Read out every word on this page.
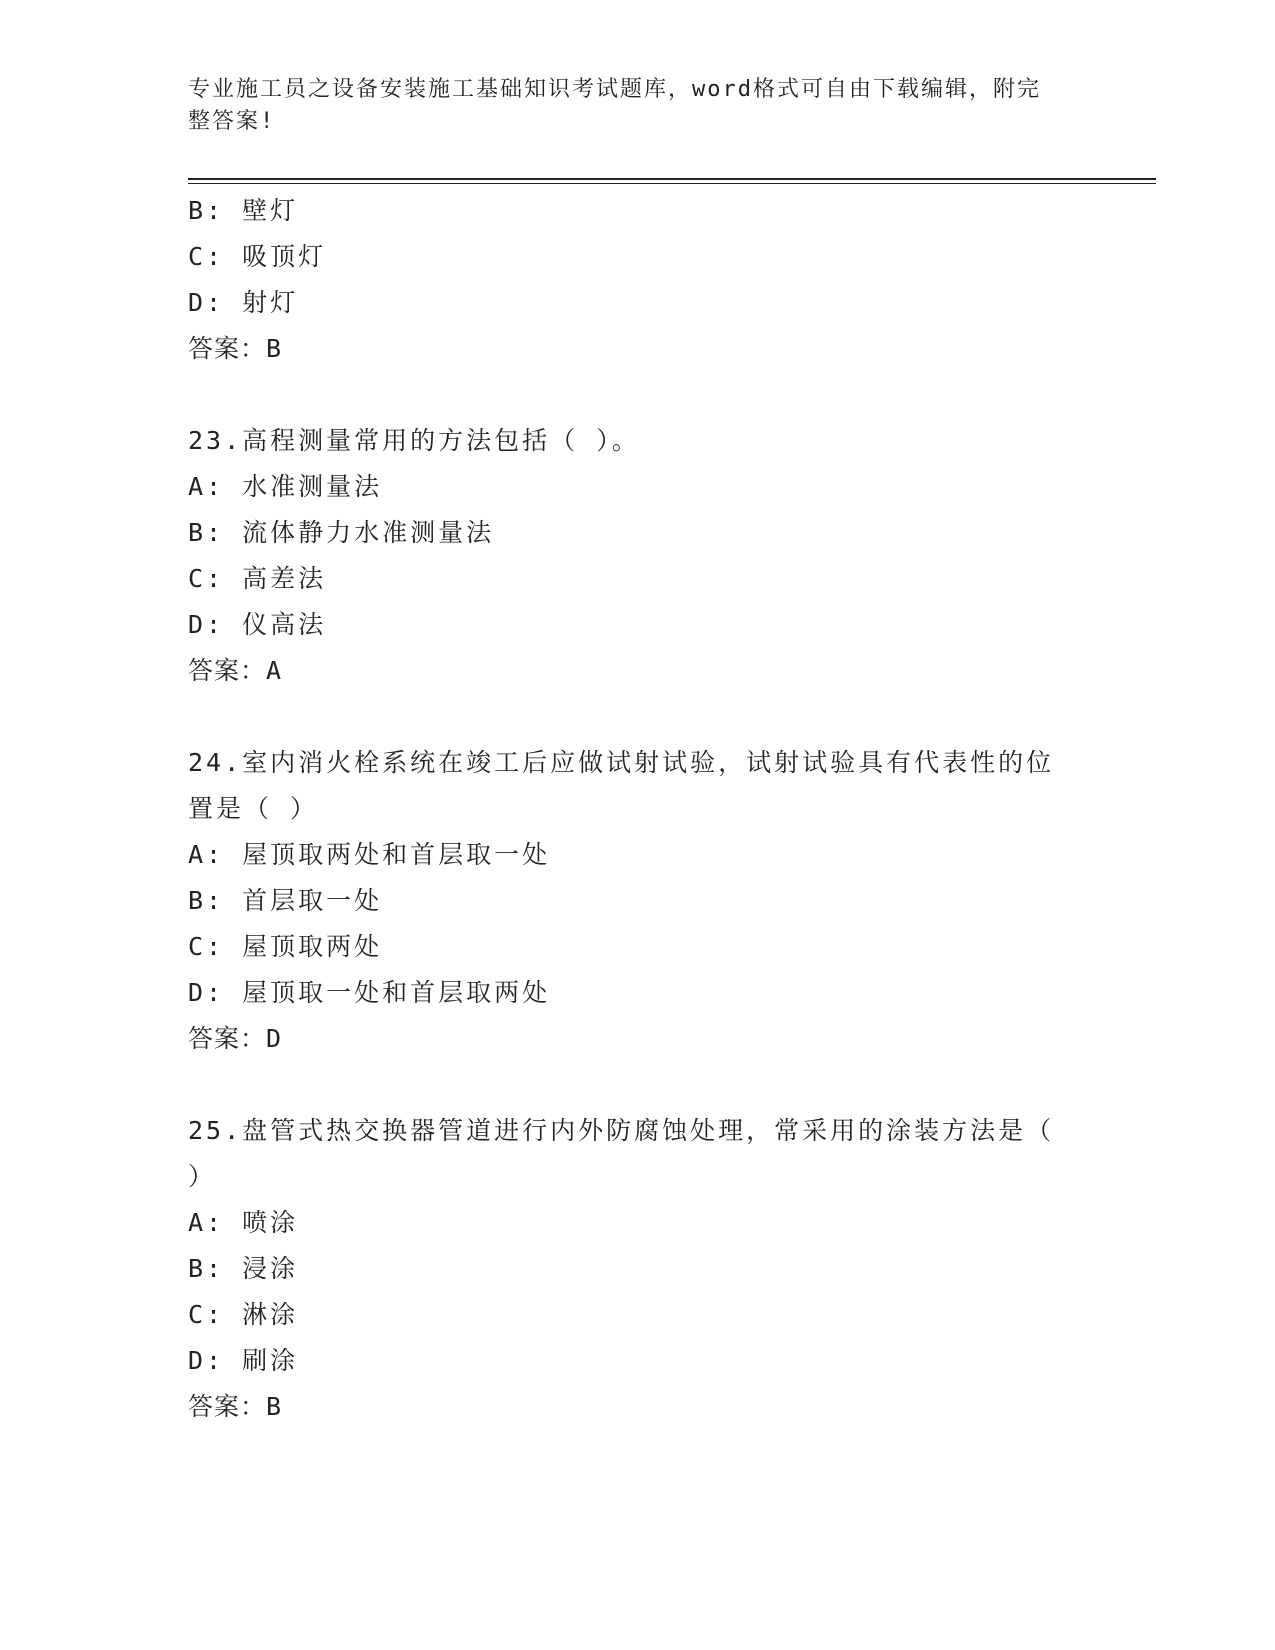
专业施工员之设备安装施工基础知识考试题库，word格式可自由下载编辑，附完
整答案!
B: 壁灯
C: 吸顶灯
D: 射灯
答案：B
23.高程测量常用的方法包括（ ）。
A: 水准测量法
B: 流体静力水准测量法
C: 高差法
D: 仪高法
答案：A
24.室内消火栓系统在竣工后应做试射试验，试射试验具有代表性的位
置是（ ）
A: 屋顶取两处和首层取一处
B: 首层取一处
C: 屋顶取两处
D: 屋顶取一处和首层取两处
答案：D
25.盘管式热交换器管道进行内外防腐蚀处理，常采用的涂装方法是（
）
A: 喷涂
B: 浸涂
C: 淋涂
D: 刷涂
答案：B
